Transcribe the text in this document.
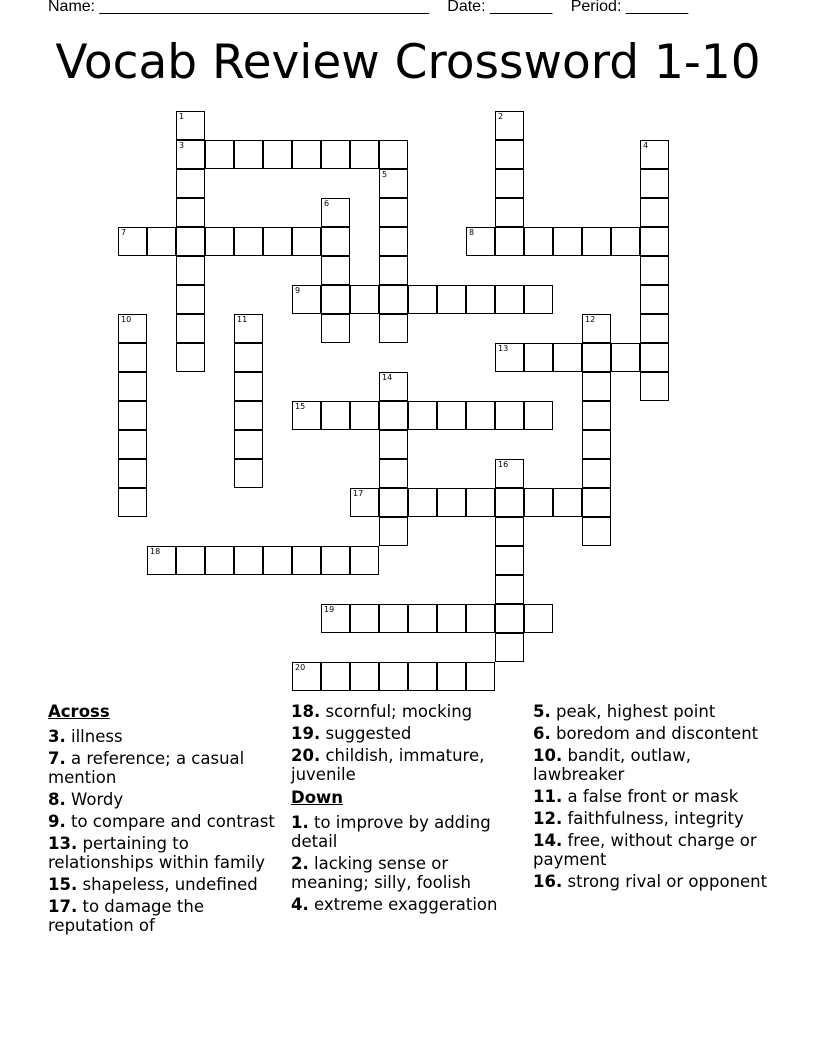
Name: _____________________________________ Date: _______ Period: _______
Vocab Review Crossword 1-10
1
3
2
4
5
6
7	8
9
10	11	12
13
14
15
16
17
18
19
20
Across
3. illness
7. a reference; a casual mention
8. Wordy
9. to compare and contrast
13. pertaining to relationships within family
15. shapeless, undefined
17. to damage the reputation of
18. scornful; mocking
19. suggested
20. childish, immature, juvenile
Down
1. to improve by adding detail
2. lacking sense or meaning; silly, foolish
4. extreme exaggeration
5. peak, highest point
6. boredom and discontent
10. bandit, outlaw, lawbreaker
11. a false front or mask
12. faithfulness, integrity
14. free, without charge or payment
16. strong rival or opponent
